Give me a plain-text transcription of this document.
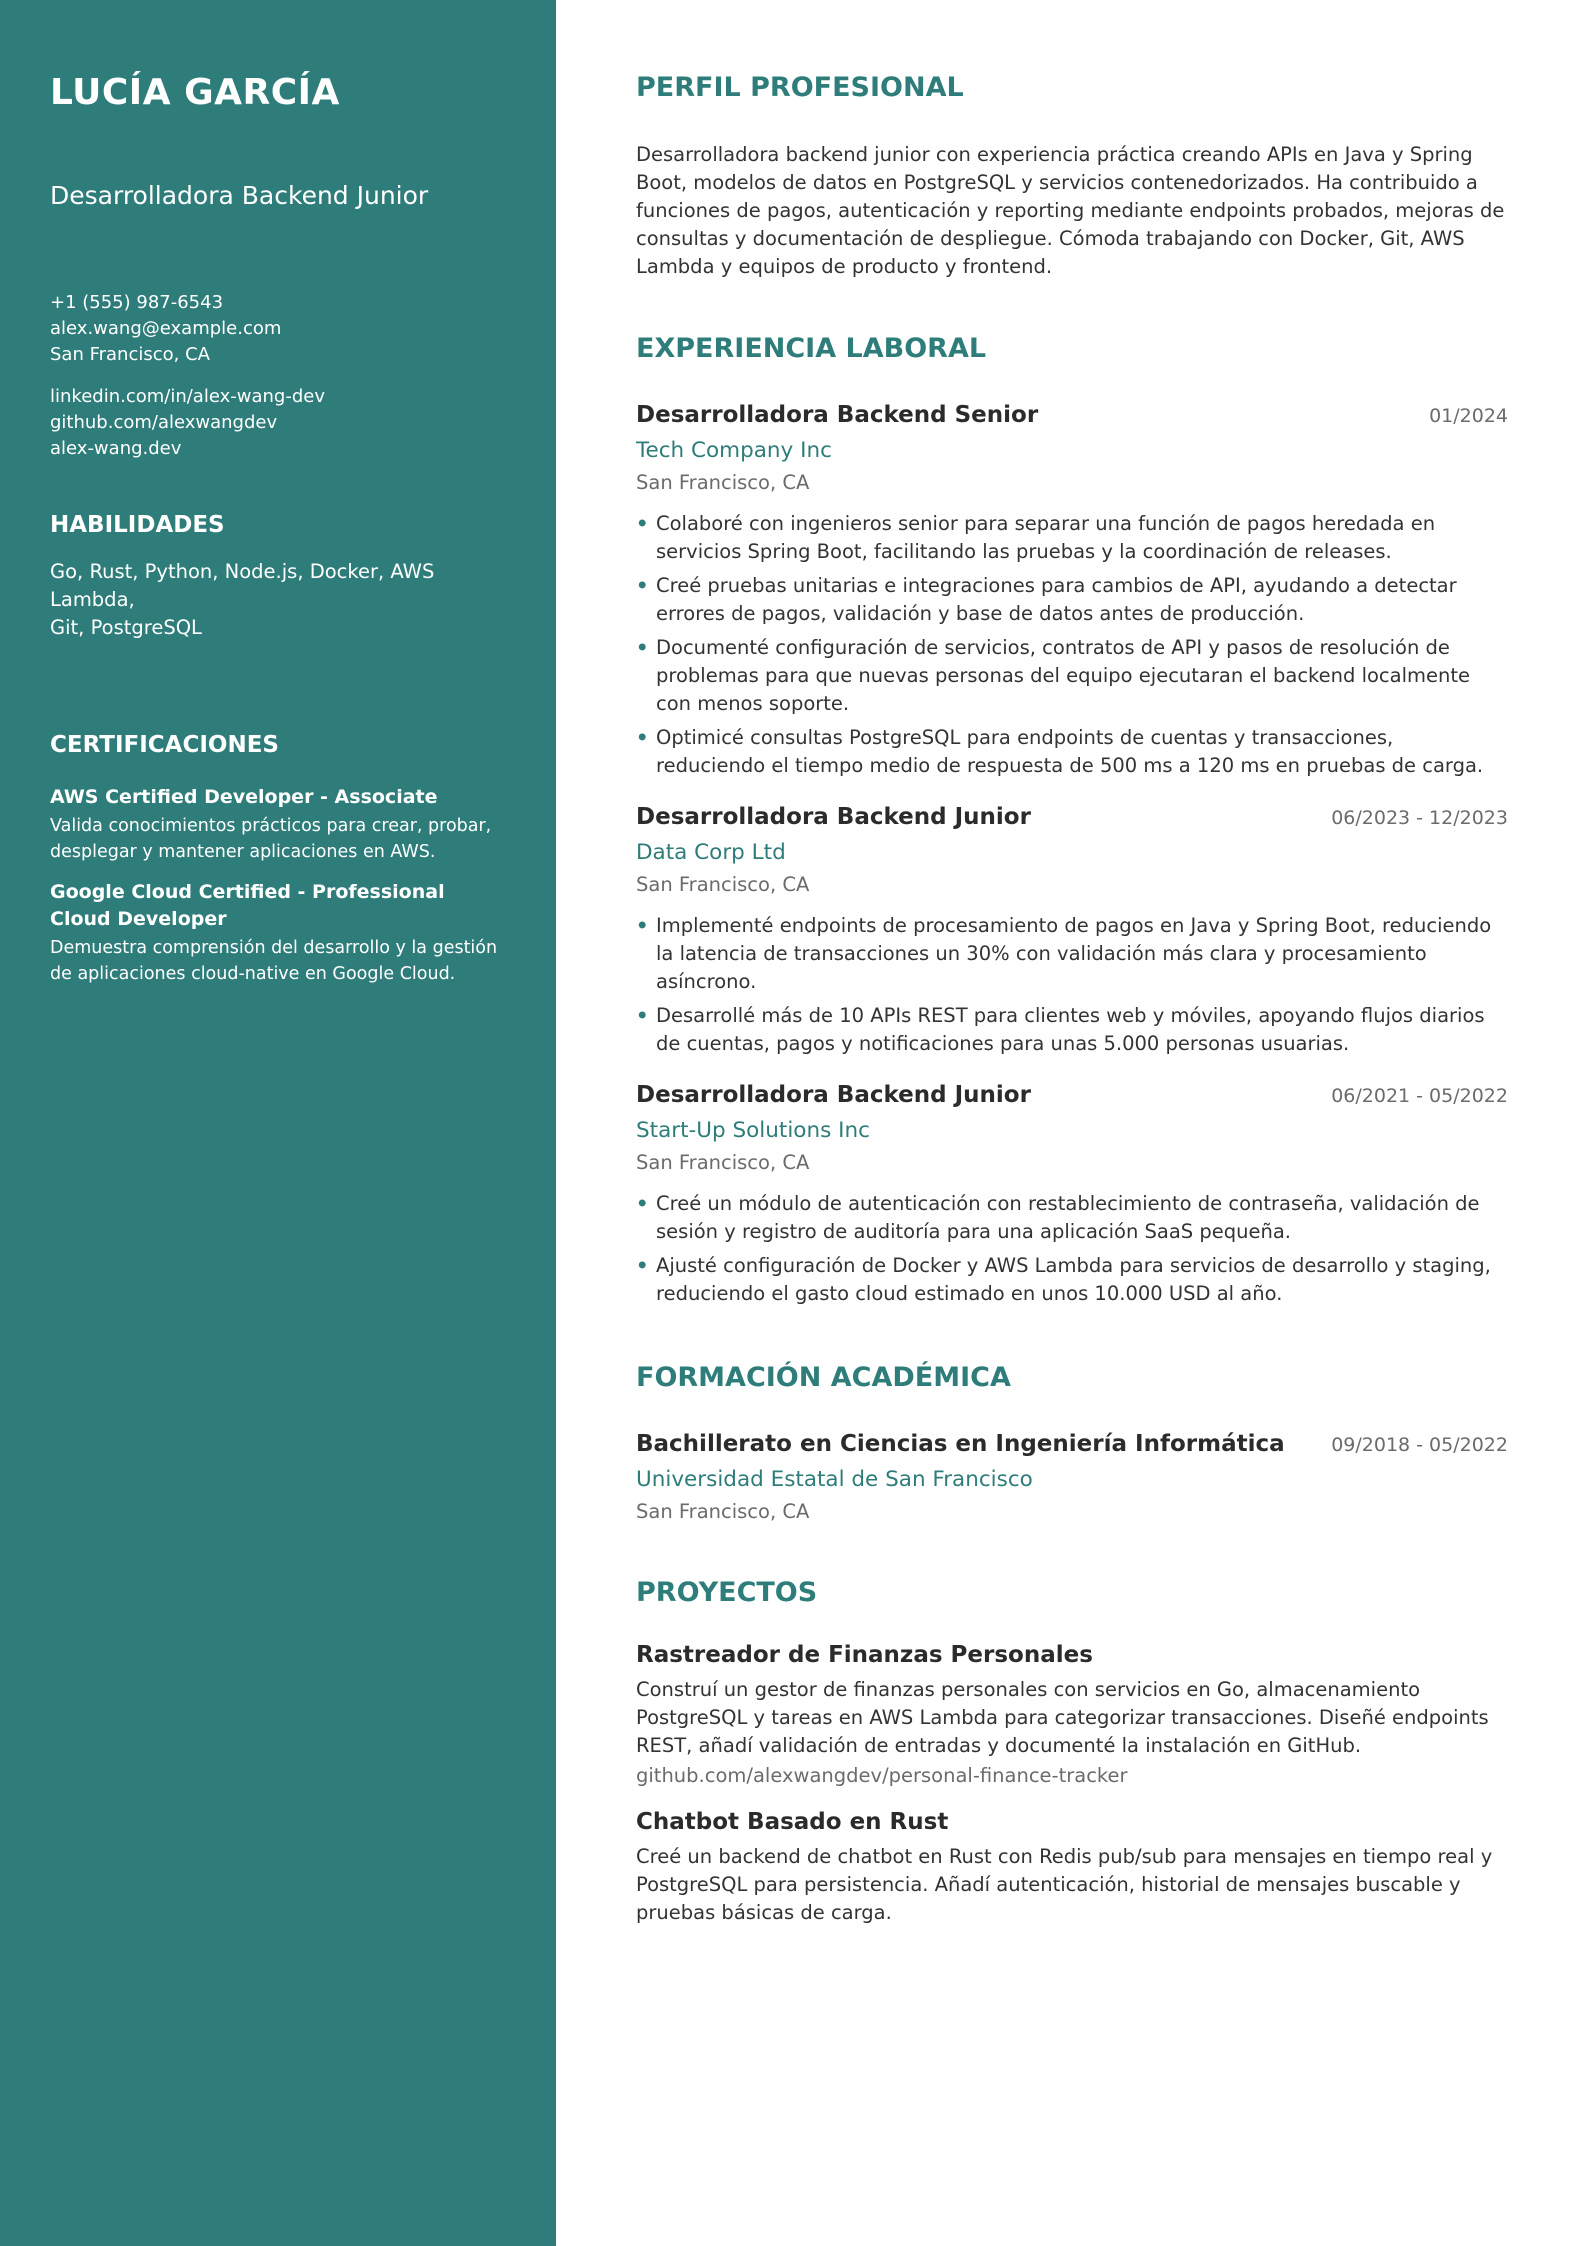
LUCÍA GARCÍA
Desarrolladora Backend Junior
+1 (555) 987-6543
alex.wang@example.com
San Francisco, CA
linkedin.com/in/alex-wang-dev
github.com/alexwangdev
alex-wang.dev
HABILIDADES
Go, Rust, Python, Node.js, Docker, AWS Lambda,
Git, PostgreSQL
CERTIFICACIONES
AWS Certified Developer - Associate
Valida conocimientos prácticos para crear, probar, desplegar y mantener aplicaciones en AWS.
Google Cloud Certified - Professional Cloud Developer
Demuestra comprensión del desarrollo y la gestión de aplicaciones cloud-native en Google Cloud.
PERFIL PROFESIONAL

Desarrolladora backend junior con experiencia práctica creando APIs en Java y Spring Boot, modelos de datos en PostgreSQL y servicios contenedorizados. Ha contribuido a funciones de pagos, autenticación y reporting mediante endpoints probados, mejoras de consultas y documentación de despliegue. Cómoda trabajando con Docker, Git, AWS Lambda y equipos de producto y frontend.

EXPERIENCIA LABORAL
Desarrolladora Backend Senior	01/2024
Tech Company Inc
San Francisco, CA
• Colaboré con ingenieros senior para separar una función de pagos heredada en servicios Spring Boot, facilitando las pruebas y la coordinación de releases.
• Creé pruebas unitarias e integraciones para cambios de API, ayudando a detectar errores de pagos, validación y base de datos antes de producción.
• Documenté configuración de servicios, contratos de API y pasos de resolución de problemas para que nuevas personas del equipo ejecutaran el backend localmente con menos soporte.
• Optimicé consultas PostgreSQL para endpoints de cuentas y transacciones, reduciendo el tiempo medio de respuesta de 500 ms a 120 ms en pruebas de carga.
Desarrolladora Backend Junior	06/2023 - 12/2023
Data Corp Ltd
San Francisco, CA
• Implementé endpoints de procesamiento de pagos en Java y Spring Boot, reduciendo la latencia de transacciones un 30% con validación más clara y procesamiento asíncrono.
• Desarrollé más de 10 APIs REST para clientes web y móviles, apoyando flujos diarios de cuentas, pagos y notificaciones para unas 5.000 personas usuarias.
Desarrolladora Backend Junior	06/2021 - 05/2022
Start-Up Solutions Inc
San Francisco, CA
• Creé un módulo de autenticación con restablecimiento de contraseña, validación de sesión y registro de auditoría para una aplicación SaaS pequeña.
• Ajusté configuración de Docker y AWS Lambda para servicios de desarrollo y staging, reduciendo el gasto cloud estimado en unos 10.000 USD al año.
FORMACIÓN ACADÉMICA
Bachillerato en Ciencias en Ingeniería Informática 09/2018 - 05/2022
Universidad Estatal de San Francisco
San Francisco, CA
PROYECTOS
Rastreador de Finanzas Personales
Construí un gestor de finanzas personales con servicios en Go, almacenamiento PostgreSQL y tareas en AWS Lambda para categorizar transacciones. Diseñé endpoints REST, añadí validación de entradas y documenté la instalación en GitHub.
github.com/alexwangdev/personal-finance-tracker
Chatbot Basado en Rust
Creé un backend de chatbot en Rust con Redis pub/sub para mensajes en tiempo real y PostgreSQL para persistencia. Añadí autenticación, historial de mensajes buscable y pruebas básicas de carga.
